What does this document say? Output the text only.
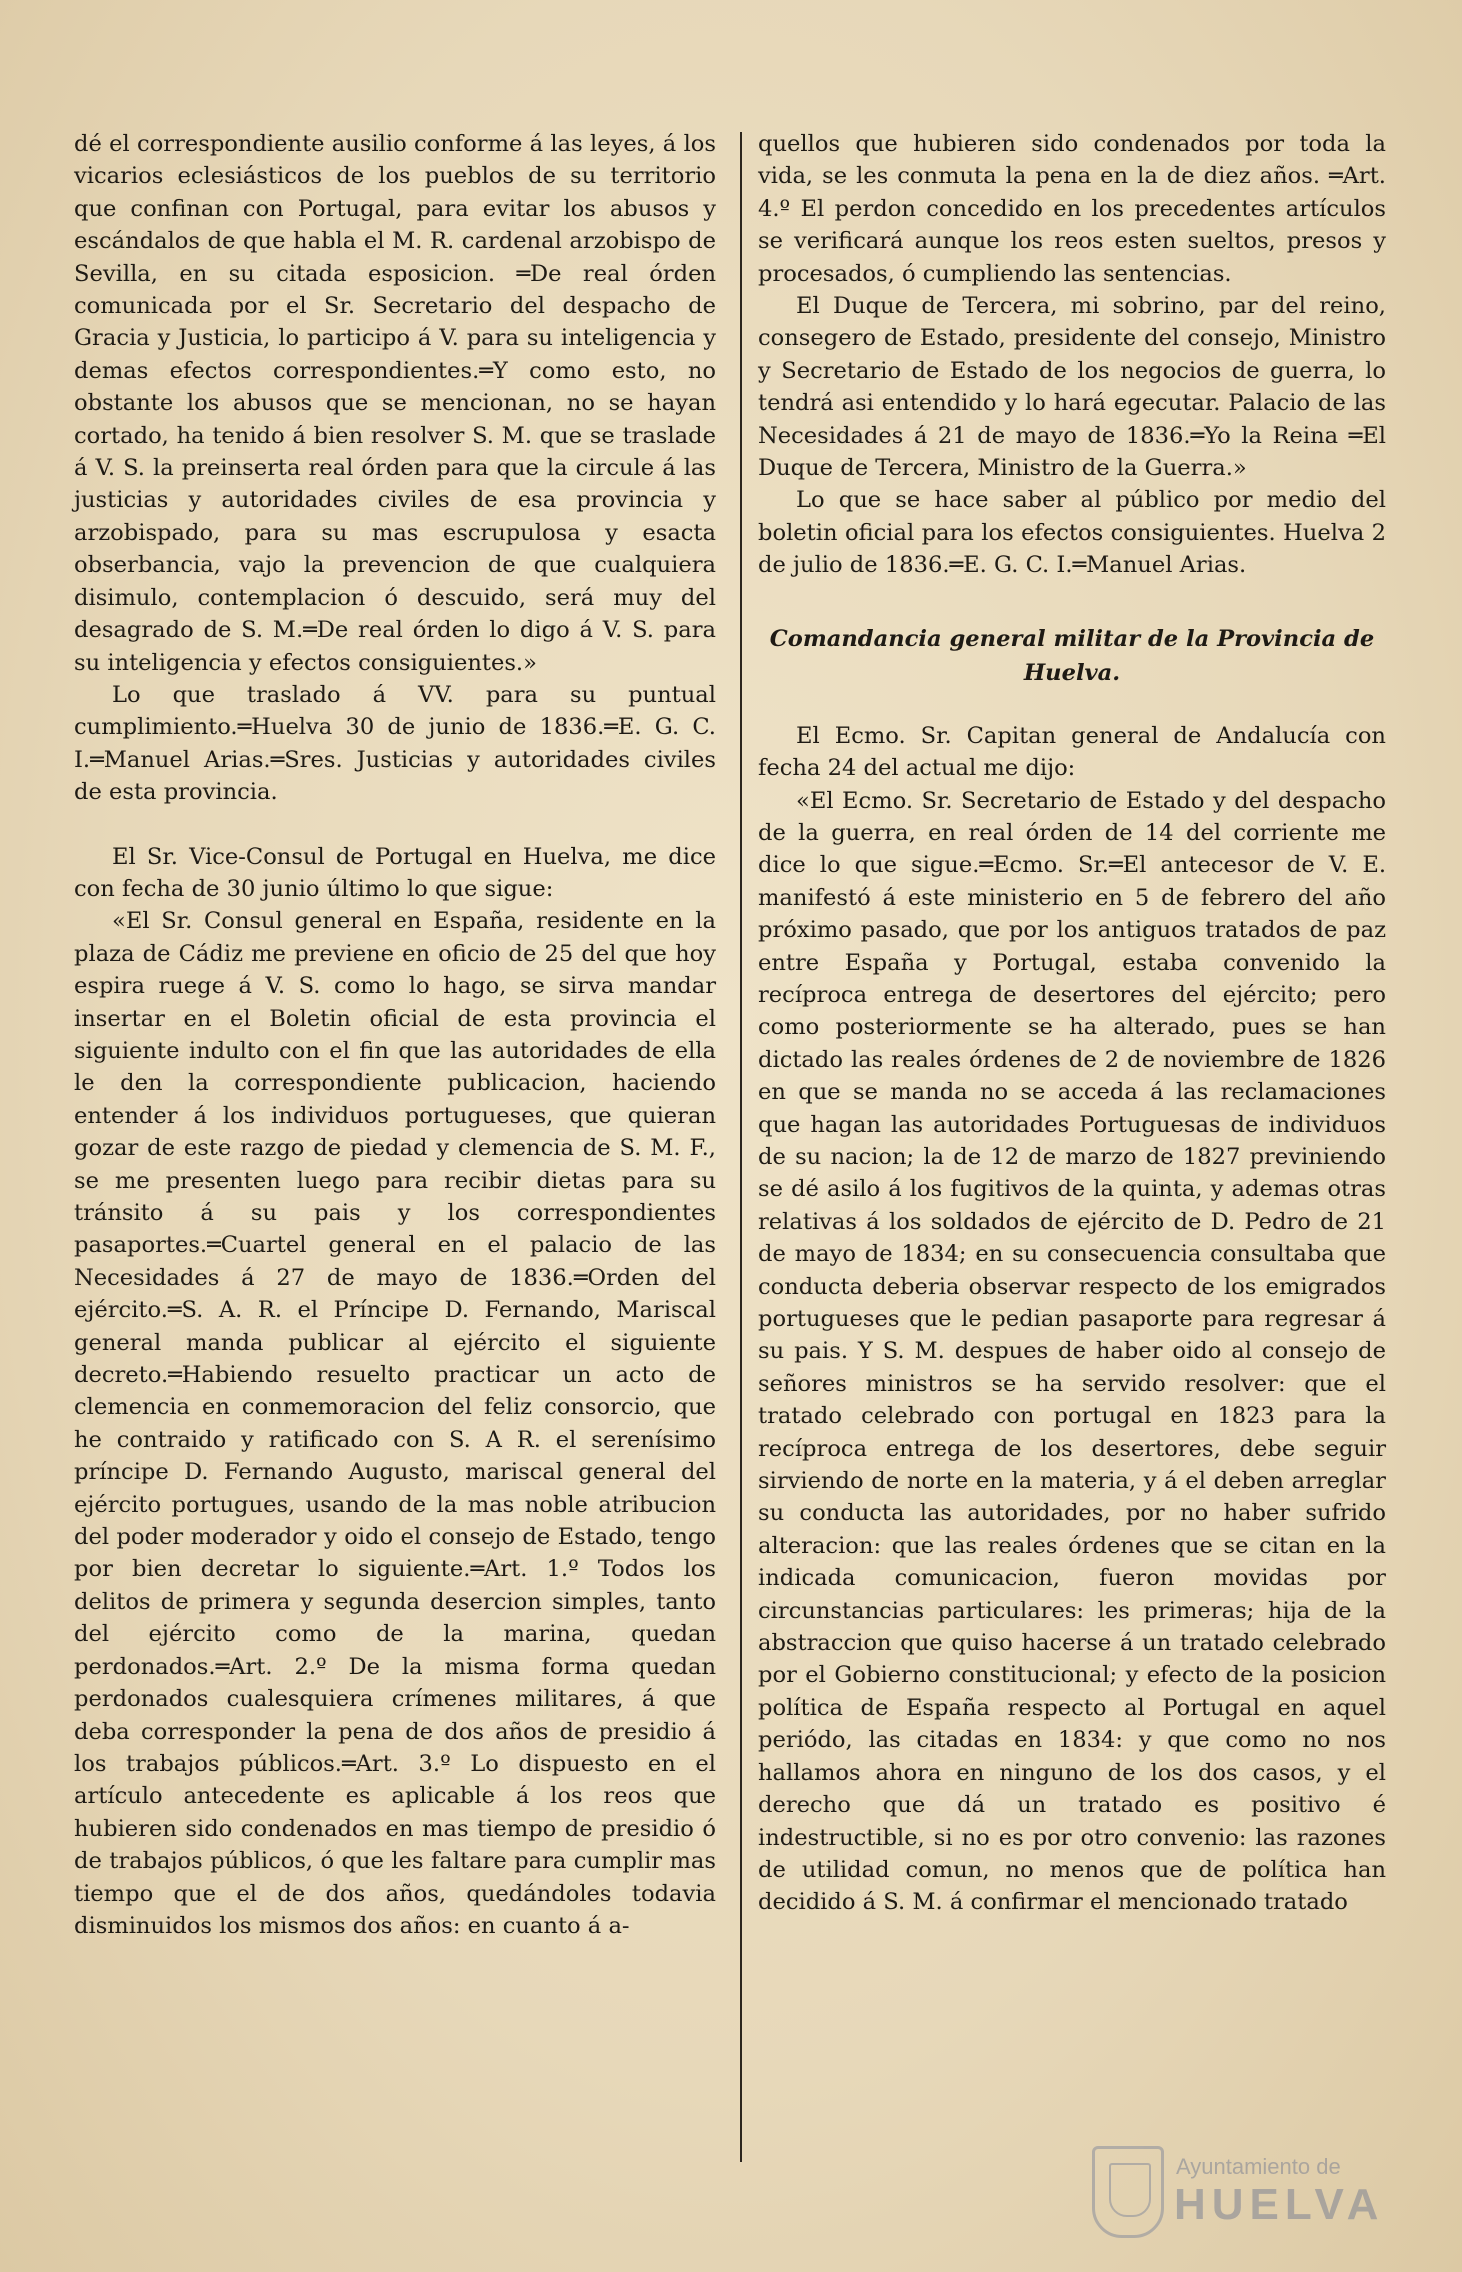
dé el correspondiente ausilio conforme á las leyes, á los vicarios eclesiásticos de los pueblos de su territorio que confinan con Portugal, para evitar los abusos y escándalos de que habla el M. R. cardenal arzobispo de Sevilla, en su citada esposicion. ═De real órden comunicada por el Sr. Secretario del despacho de Gracia y Justicia, lo participo á V. para su inteligencia y demas efectos correspondientes.═Y como esto, no obstante los abusos que se mencionan, no se hayan cortado, ha tenido á bien resolver S. M. que se traslade á V. S. la preinserta real órden para que la circule á las justicias y autoridades civiles de esa provincia y arzobispado, para su mas escrupulosa y esacta obserbancia, vajo la prevencion de que cualquiera disimulo, contemplacion ó descuido, será muy del desagrado de S. M.═De real órden lo digo á V. S. para su inteligencia y efectos consiguientes.»

Lo que traslado á VV. para su puntual cumplimiento.═Huelva 30 de junio de 1836.═E. G. C. I.═Manuel Arias.═Sres. Justicias y autoridades civiles de esta provincia.

El Sr. Vice-Consul de Portugal en Huelva, me dice con fecha de 30 junio último lo que sigue:

«El Sr. Consul general en España, residente en la plaza de Cádiz me previene en oficio de 25 del que hoy espira ruege á V. S. como lo hago, se sirva mandar insertar en el Boletin oficial de esta provincia el siguiente indulto con el fin que las autoridades de ella le den la correspondiente publicacion, haciendo entender á los individuos portugueses, que quieran gozar de este razgo de piedad y clemencia de S. M. F., se me presenten luego para recibir dietas para su tránsito á su pais y los correspondientes pasaportes.═Cuartel general en el palacio de las Necesidades á 27 de mayo de 1836.═Orden del ejército.═S. A. R. el Príncipe D. Fernando, Mariscal general manda publicar al ejército el siguiente decreto.═Habiendo resuelto practicar un acto de clemencia en conmemoracion del feliz consorcio, que he contraido y ratificado con S. A R. el serenísimo príncipe D. Fernando Augusto, mariscal general del ejército portugues, usando de la mas noble atribucion del poder moderador y oido el consejo de Estado, tengo por bien decretar lo siguiente.═Art. 1.º Todos los delitos de primera y segunda desercion simples, tanto del ejército como de la marina, quedan perdonados.═Art. 2.º De la misma forma quedan perdonados cualesquiera crímenes militares, á que deba corresponder la pena de dos años de presidio á los trabajos públicos.═Art. 3.º Lo dispuesto en el artículo antecedente es aplicable á los reos que hubieren sido condenados en mas tiempo de presidio ó de trabajos públicos, ó que les faltare para cumplir mas tiempo que el de dos años, quedándoles todavia disminuidos los mismos dos años: en cuanto á a-

quellos que hubieren sido condenados por toda la vida, se les conmuta la pena en la de diez años. ═Art. 4.º El perdon concedido en los precedentes artículos se verificará aunque los reos esten sueltos, presos y procesados, ó cumpliendo las sentencias.

El Duque de Tercera, mi sobrino, par del reino, consegero de Estado, presidente del consejo, Ministro y Secretario de Estado de los negocios de guerra, lo tendrá asi entendido y lo hará egecutar. Palacio de las Necesidades á 21 de mayo de 1836.═Yo la Reina ═El Duque de Tercera, Ministro de la Guerra.»

Lo que se hace saber al público por medio del boletin oficial para los efectos consiguientes. Huelva 2 de julio de 1836.═E. G. C. I.═Manuel Arias.

Comandancia general militar de la Provincia de Huelva.

El Ecmo. Sr. Capitan general de Andalucía con fecha 24 del actual me dijo:

«El Ecmo. Sr. Secretario de Estado y del despacho de la guerra, en real órden de 14 del corriente me dice lo que sigue.═Ecmo. Sr.═El antecesor de V. E. manifestó á este ministerio en 5 de febrero del año próximo pasado, que por los antiguos tratados de paz entre España y Portugal, estaba convenido la recíproca entrega de desertores del ejército; pero como posteriormente se ha alterado, pues se han dictado las reales órdenes de 2 de noviembre de 1826 en que se manda no se acceda á las reclamaciones que hagan las autoridades Portuguesas de individuos de su nacion; la de 12 de marzo de 1827 previniendo se dé asilo á los fugitivos de la quinta, y ademas otras relativas á los soldados de ejército de D. Pedro de 21 de mayo de 1834; en su consecuencia consultaba que conducta deberia observar respecto de los emigrados portugueses que le pedian pasaporte para regresar á su pais. Y S. M. despues de haber oido al consejo de señores ministros se ha servido resolver: que el tratado celebrado con portugal en 1823 para la recíproca entrega de los desertores, debe seguir sirviendo de norte en la materia, y á el deben arreglar su conducta las autoridades, por no haber sufrido alteracion: que las reales órdenes que se citan en la indicada comunicacion, fueron movidas por circunstancias particulares: les primeras; hija de la abstraccion que quiso hacerse á un tratado celebrado por el Gobierno constitucional; y efecto de la posicion política de España respecto al Portugal en aquel periódo, las citadas en 1834: y que como no nos hallamos ahora en ninguno de los dos casos, y el derecho que dá un tratado es positivo é indestructible, si no es por otro convenio: las razones de utilidad comun, no menos que de política han decidido á S. M. á confirmar el mencionado tratado

Ayuntamiento de
HUELVA
